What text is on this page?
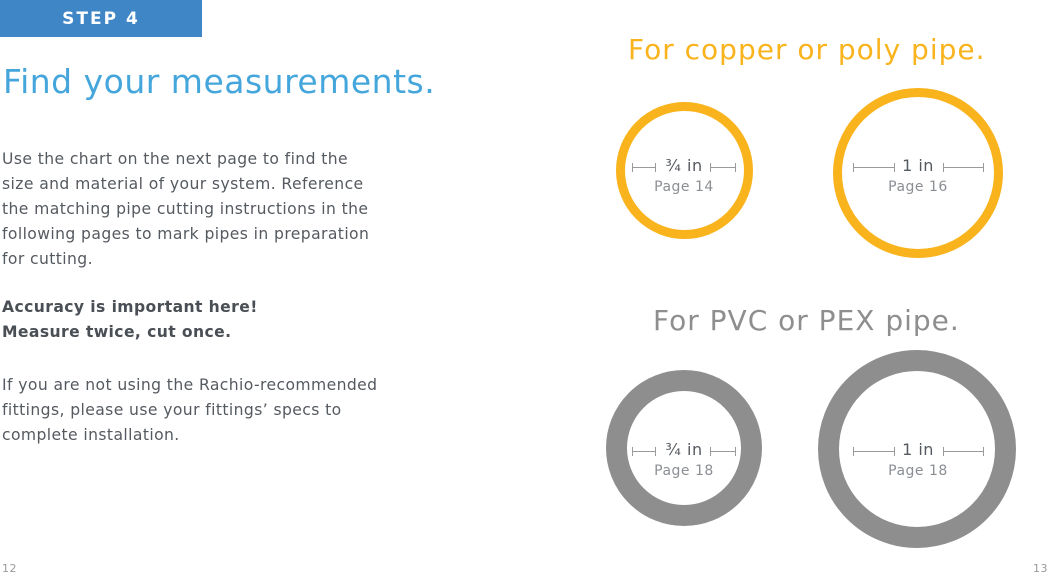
STEP 4
Find your measurements.

Use the chart on the next page to find the
size and material of your system. Reference
the matching pipe cutting instructions in the
following pages to mark pipes in preparation
for cutting.

Accuracy is important here!
Measure twice, cut once.

If you are not using the Rachio-recommended
fittings, please use your fittings’ specs to
complete installation.

For copper or poly pipe.
¾ in
Page 14
1 in
Page 16
For PVC or PEX pipe.
¾ in
Page 18
1 in
Page 18
12	13
